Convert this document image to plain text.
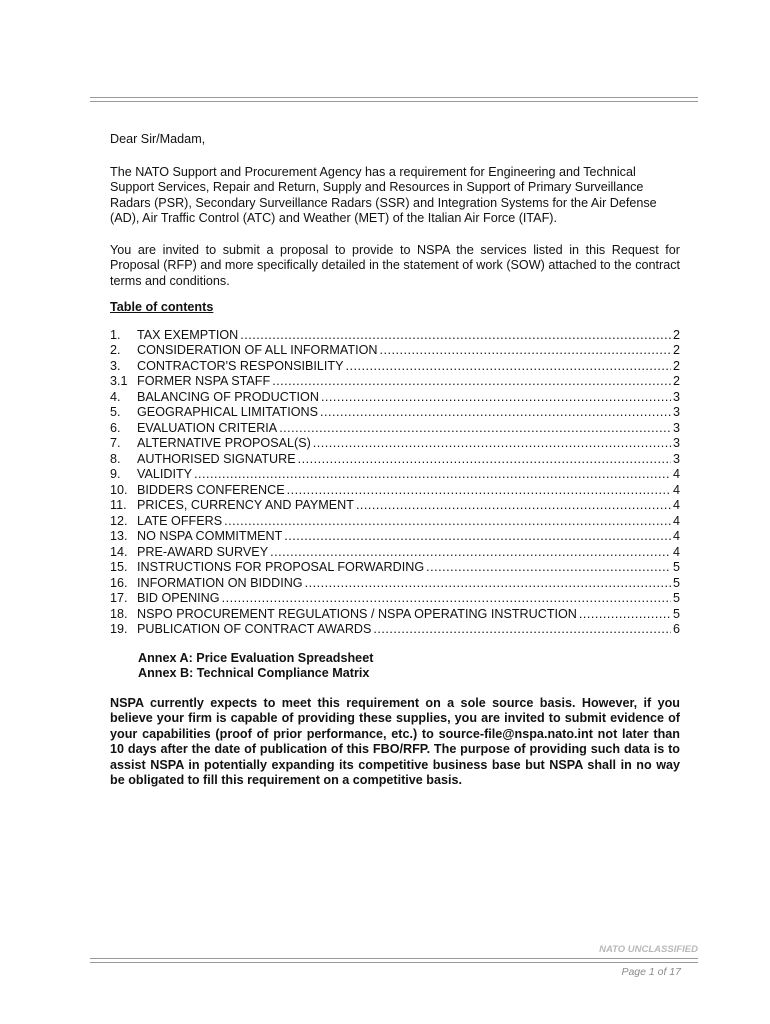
Dear Sir/Madam,

The NATO Support and Procurement Agency has a requirement for Engineering and Technical Support Services, Repair and Return, Supply and Resources in Support of Primary Surveillance Radars (PSR), Secondary Surveillance Radars (SSR) and Integration Systems for the Air Defense (AD), Air Traffic Control (ATC) and Weather (MET) of the Italian Air Force (ITAF).

You are invited to submit a proposal to provide to NSPA the services listed in this Request for Proposal (RFP) and more specifically detailed in the statement of work (SOW) attached to the contract terms and conditions.

Table of contents
1.	TAX EXEMPTION .....	2
2.	CONSIDERATION OF ALL INFORMATION .....	2
3.	CONTRACTOR'S RESPONSIBILITY .....	2
3.1 FORMER NSPA STAFF .....	2
4.	BALANCING OF PRODUCTION .....	3
5.	GEOGRAPHICAL LIMITATIONS .....	3
6.	EVALUATION CRITERIA .....	3
7.	ALTERNATIVE PROPOSAL(S) .....	3
8.	AUTHORISED SIGNATURE .....	3
9.	VALIDITY .....	4
10. BIDDERS CONFERENCE .....	4
11. PRICES, CURRENCY AND PAYMENT .....	4
12. LATE OFFERS .....	4
13. NO NSPA COMMITMENT .....	4
14. PRE-AWARD SURVEY .....	4
15. INSTRUCTIONS FOR PROPOSAL FORWARDING .....	5
16. INFORMATION ON BIDDING .....	5
17. BID OPENING .....	5
18. NSPO PROCUREMENT REGULATIONS / NSPA OPERATING INSTRUCTION .....	5
19. PUBLICATION OF CONTRACT AWARDS .....	6
Annex A: Price Evaluation Spreadsheet
Annex B: Technical Compliance Matrix

NSPA currently expects to meet this requirement on a sole source basis. However, if you believe your firm is capable of providing these supplies, you are invited to submit evidence of your capabilities (proof of prior performance, etc.) to source-file@nspa.nato.int not later than 10 days after the date of publication of this FBO/RFP. The purpose of providing such data is to assist NSPA in potentially expanding its competitive business base but NSPA shall in no way be obligated to fill this requirement on a competitive basis.

NATO UNCLASSIFIED
Page 1 of 17
